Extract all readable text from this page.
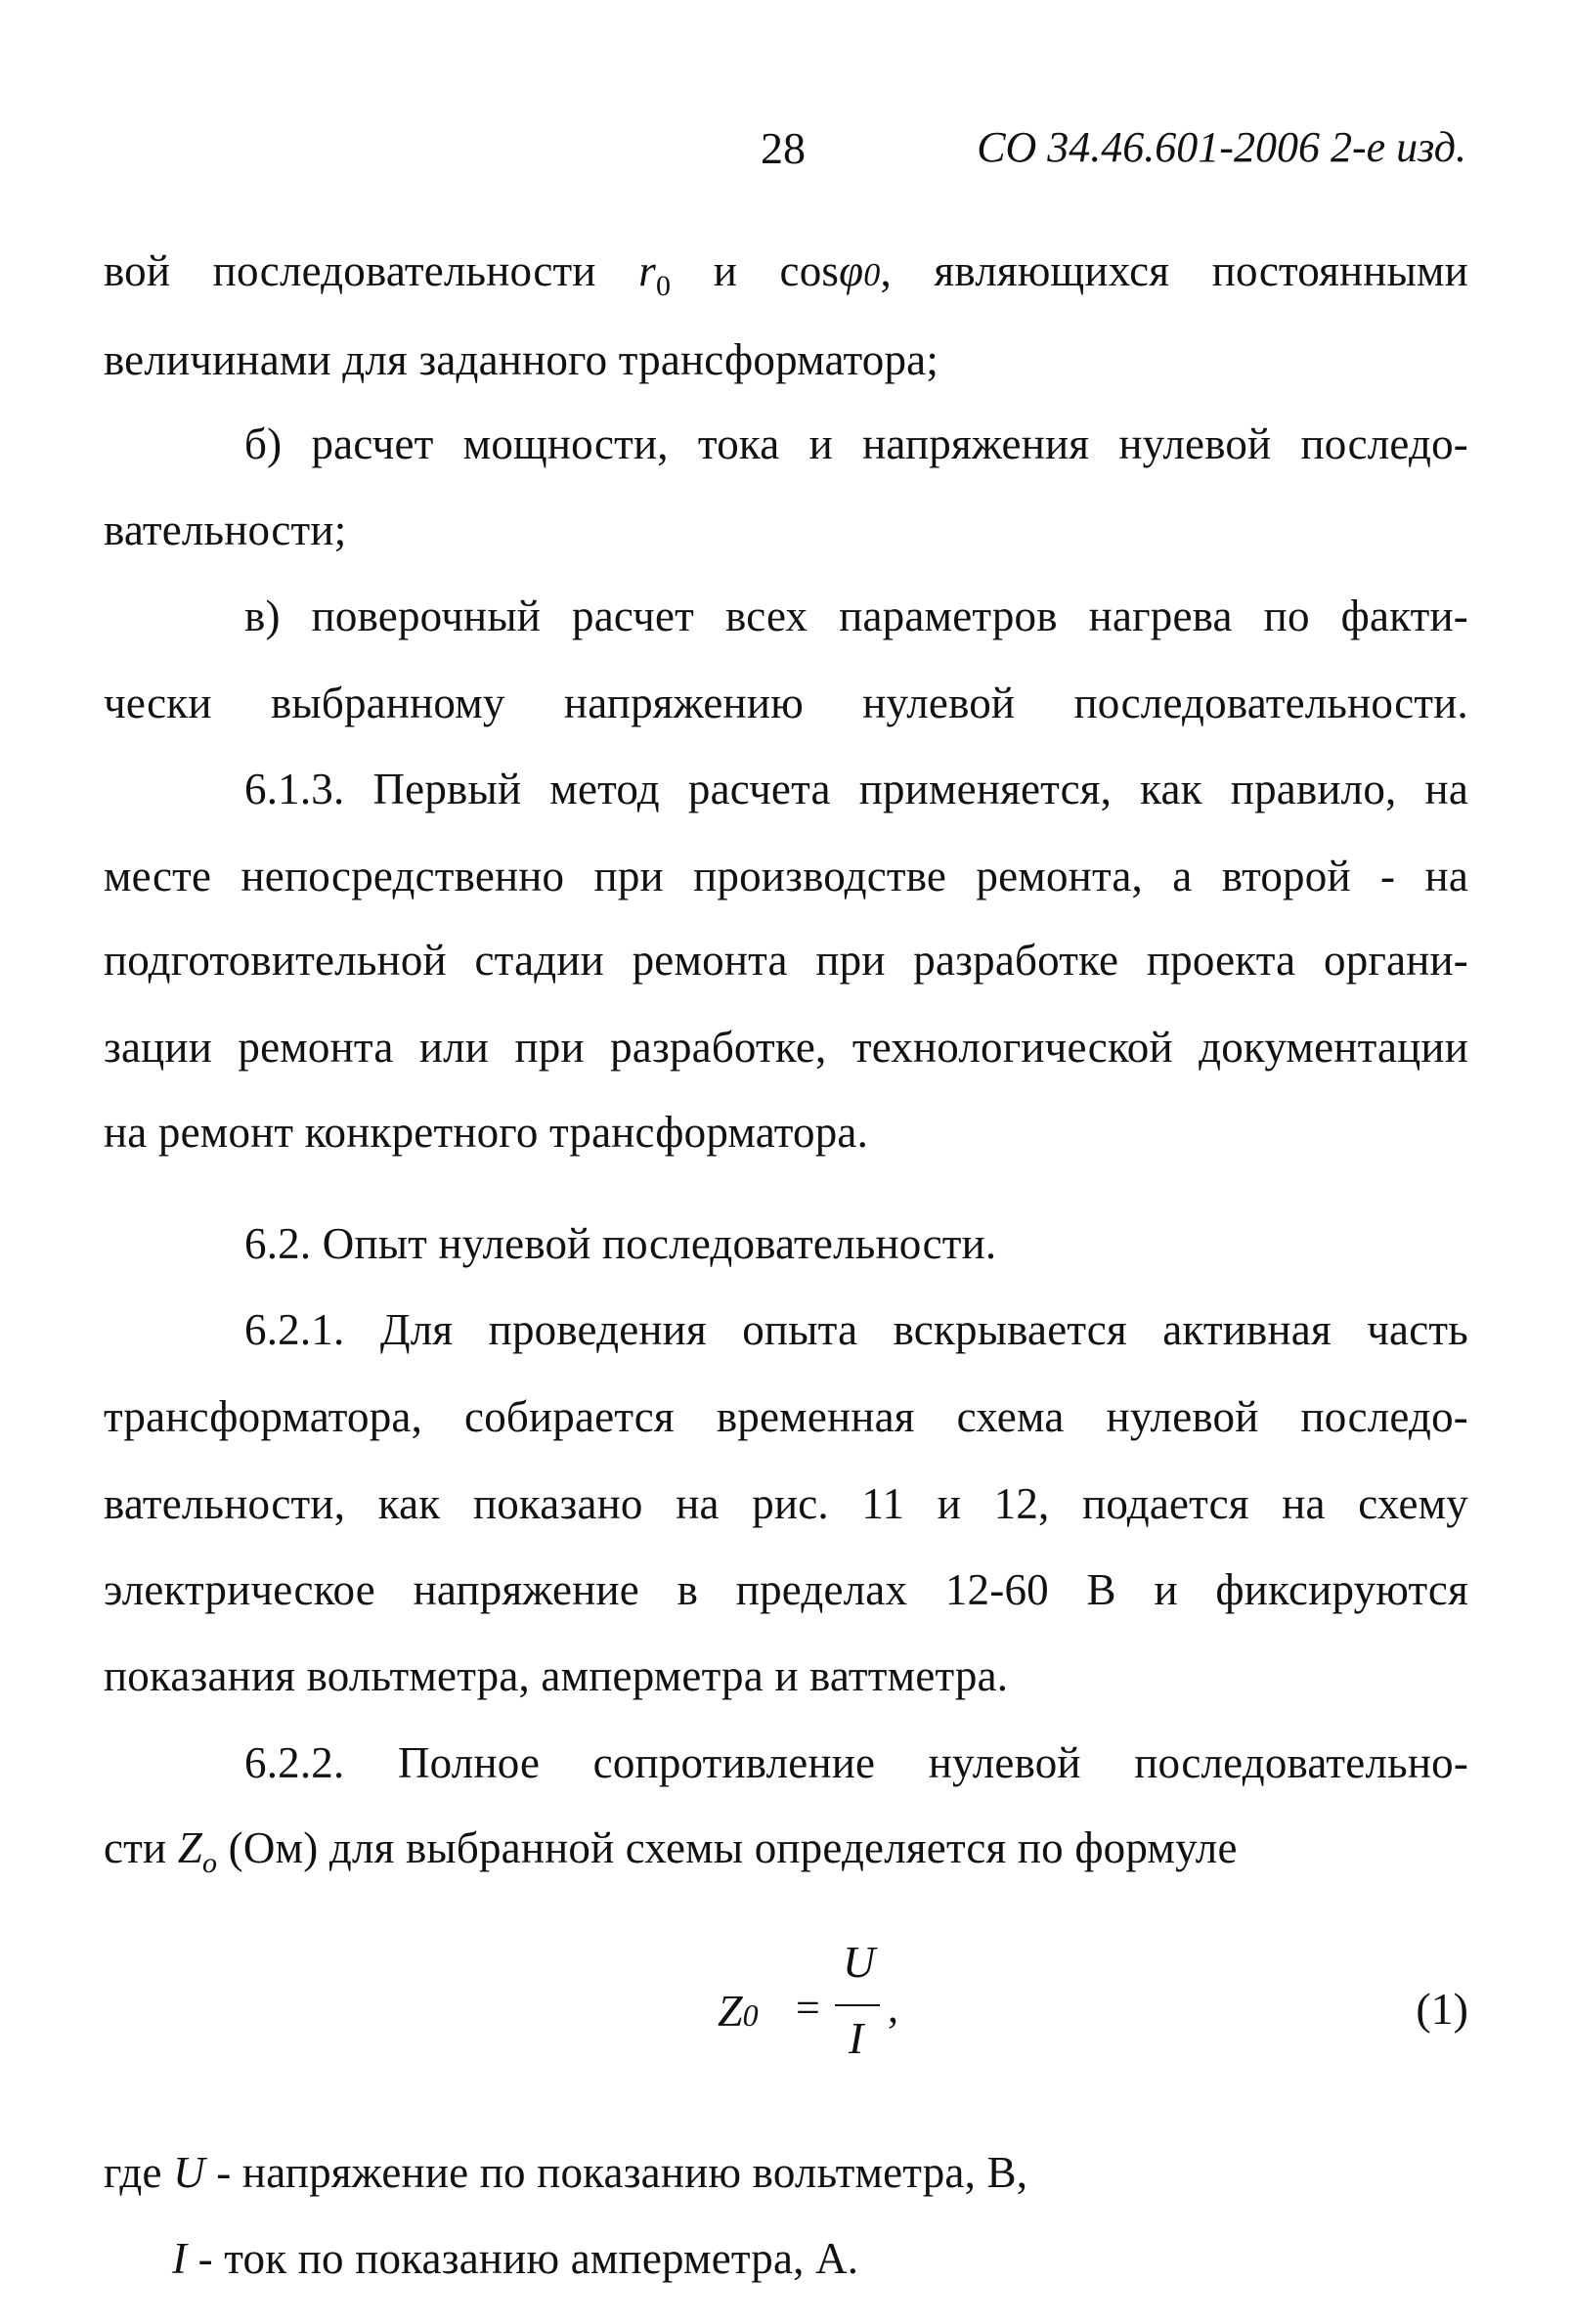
28	СО 34.46.601-2006 2-е изд.
вой последовательности $r_0$ и cosφ0, являющихся постоянными
величинами для заданного трансформатора;
б) расчет мощности, тока и напряжения нулевой последо-
вательности;
в) поверочный расчет всех параметров нагрева по факти-
чески выбранному напряжению нулевой последовательности.
6.1.3. Первый метод расчета применяется, как правило, на
месте непосредственно при производстве ремонта, а второй - на
подготовительной стадии ремонта при разработке проекта органи-
зации ремонта или при разработке, технологической документации
на ремонт конкретного трансформатора.
6.2. Опыт нулевой последовательности.
6.2.1. Для проведения опыта вскрывается активная часть
трансформатора, собирается временная схема нулевой последо-
вательности, как показано на рис. 11 и 12, подается на схему
электрическое напряжение в пределах 12-60 В и фиксируются
показания вольтметра, амперметра и ваттметра.
6.2.2. Полное сопротивление нулевой последовательно-
сти $Z_o$ (Ом) для выбранной схемы определяется по формуле
Z0 =
U
I
,	(1)
где U - напряжение по показанию вольтметра, В,
I - ток по показанию амперметра, А.
